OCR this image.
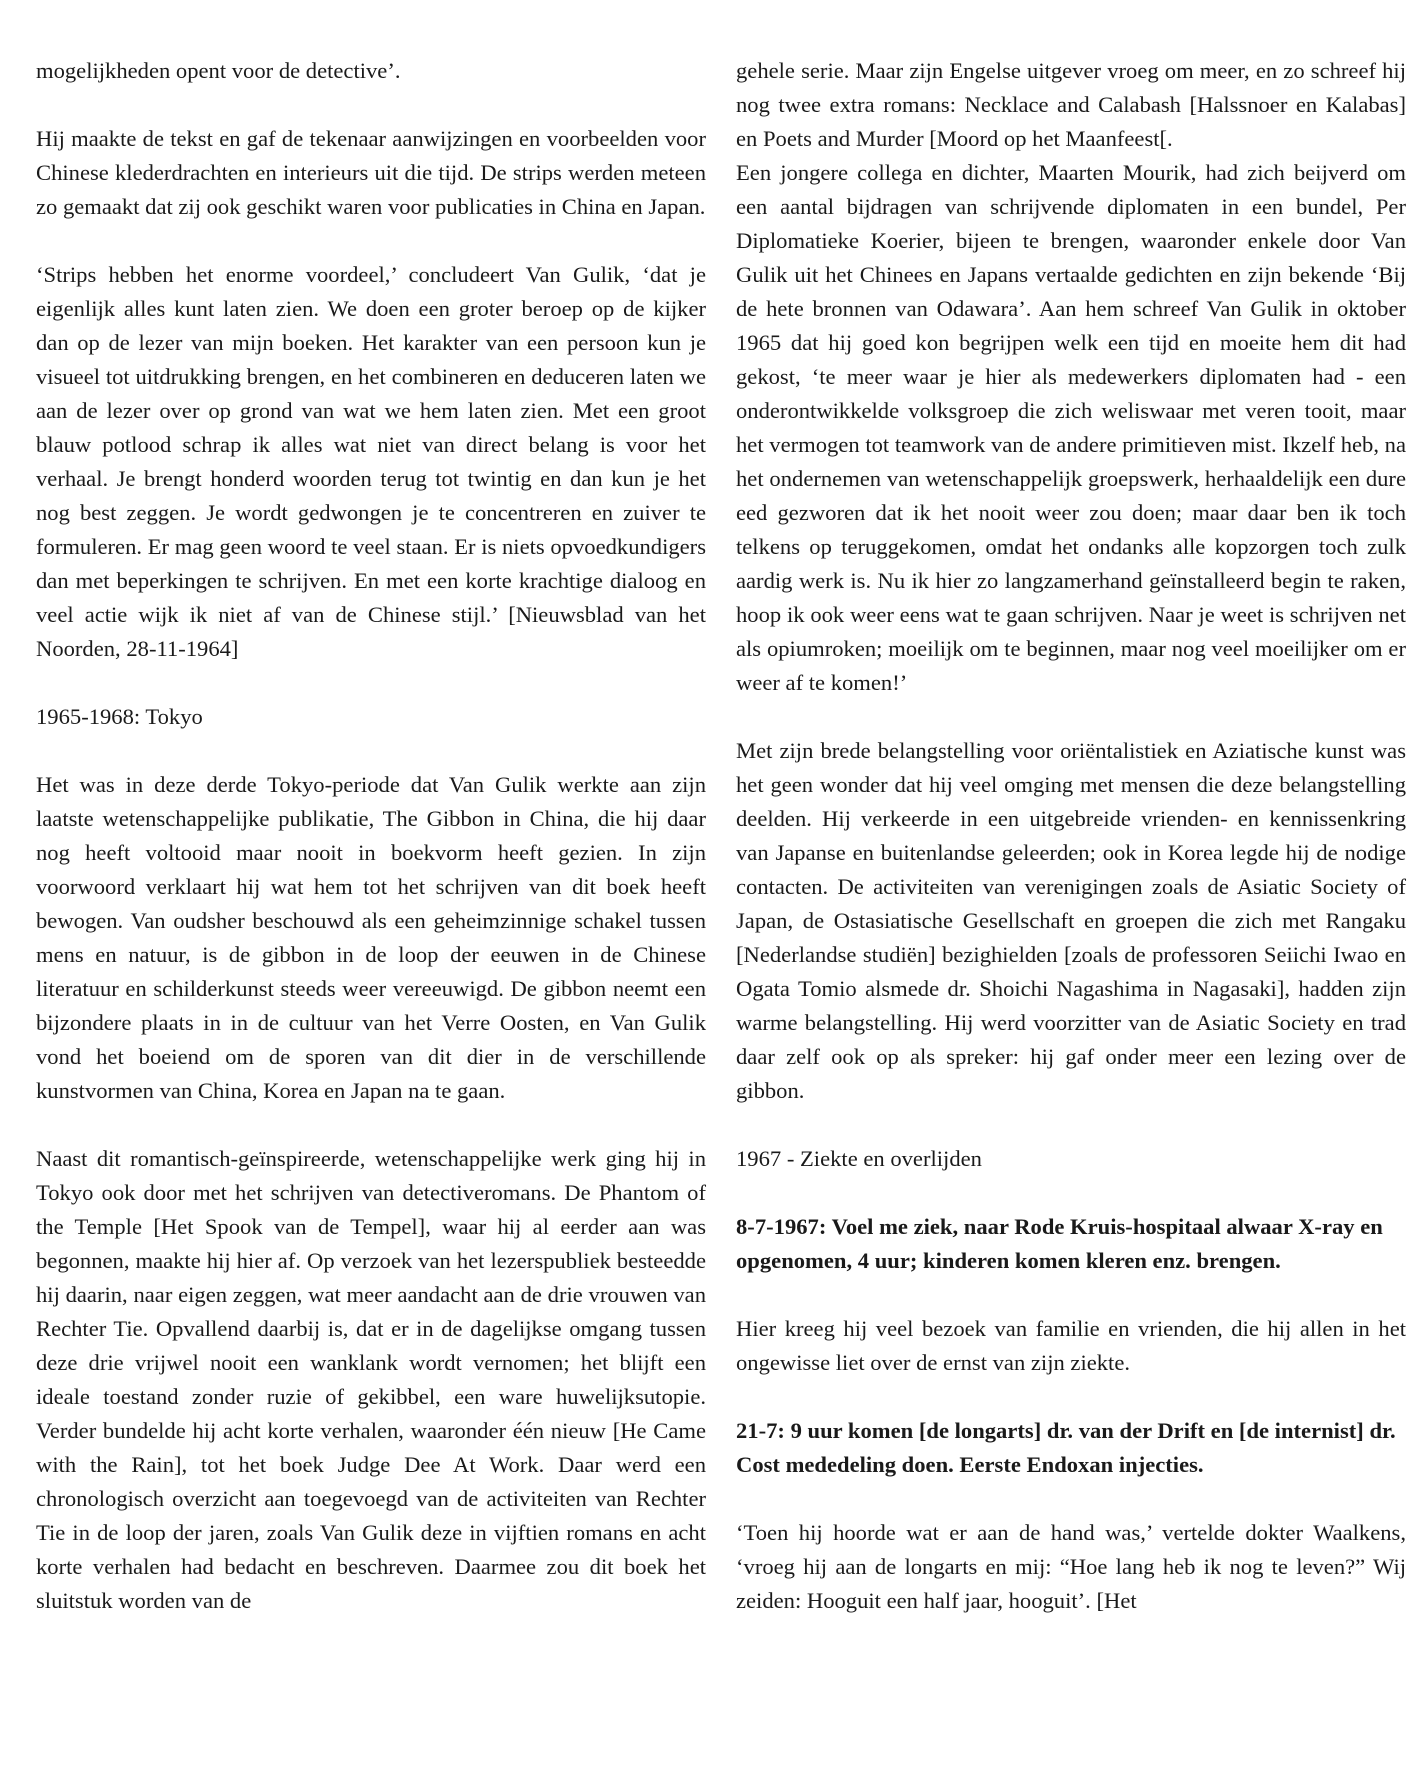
mogelijkheden opent voor de detective’.

Hij maakte de tekst en gaf de tekenaar aanwijzingen en voorbeelden voor Chinese klederdrachten en interieurs uit die tijd. De strips werden meteen zo gemaakt dat zij ook geschikt waren voor publicaties in China en Japan.

‘Strips hebben het enorme voordeel,’ concludeert Van Gulik, ‘dat je eigenlijk alles kunt laten zien. We doen een groter beroep op de kijker dan op de lezer van mijn boeken. Het karakter van een persoon kun je visueel tot uitdrukking brengen, en het combineren en deduceren laten we aan de lezer over op grond van wat we hem laten zien. Met een groot blauw potlood schrap ik alles wat niet van direct belang is voor het verhaal. Je brengt honderd woorden terug tot twintig en dan kun je het nog best zeggen. Je wordt gedwongen je te concentreren en zuiver te formuleren. Er mag geen woord te veel staan. Er is niets opvoedkundigers dan met beperkingen te schrijven. En met een korte krachtige dialoog en veel actie wijk ik niet af van de Chinese stijl.’ [Nieuwsblad van het Noorden, 28-11-1964]

1965-1968: Tokyo

Het was in deze derde Tokyo-periode dat Van Gulik werkte aan zijn laatste wetenschappelijke publikatie, The Gibbon in China, die hij daar nog heeft voltooid maar nooit in boekvorm heeft gezien. In zijn voorwoord verklaart hij wat hem tot het schrijven van dit boek heeft bewogen. Van oudsher beschouwd als een geheimzinnige schakel tussen mens en natuur, is de gibbon in de loop der eeuwen in de Chinese literatuur en schilderkunst steeds weer vereeuwigd. De gibbon neemt een bijzondere plaats in in de cultuur van het Verre Oosten, en Van Gulik vond het boeiend om de sporen van dit dier in de verschillende kunstvormen van China, Korea en Japan na te gaan.

Naast dit romantisch-geïnspireerde, wetenschappelijke werk ging hij in Tokyo ook door met het schrijven van detectiveromans. De Phantom of the Temple [Het Spook van de Tempel], waar hij al eerder aan was begonnen, maakte hij hier af. Op verzoek van het lezerspubliek besteedde hij daarin, naar eigen zeggen, wat meer aandacht aan de drie vrouwen van Rechter Tie. Opvallend daarbij is, dat er in de dagelijkse omgang tussen deze drie vrijwel nooit een wanklank wordt vernomen; het blijft een ideale toestand zonder ruzie of gekibbel, een ware huwelijksutopie. Verder bundelde hij acht korte verhalen, waaronder één nieuw [He Came with the Rain], tot het boek Judge Dee At Work. Daar werd een chronologisch overzicht aan toegevoegd van de activiteiten van Rechter Tie in de loop der jaren, zoals Van Gulik deze in vijftien romans en acht korte verhalen had bedacht en beschreven. Daarmee zou dit boek het sluitstuk worden van de

gehele serie. Maar zijn Engelse uitgever vroeg om meer, en zo schreef hij nog twee extra romans: Necklace and Calabash [Halssnoer en Kalabas] en Poets and Murder [Moord op het Maanfeest[.

Een jongere collega en dichter, Maarten Mourik, had zich beijverd om een aantal bijdragen van schrijvende diplomaten in een bundel, Per Diplomatieke Koerier, bijeen te brengen, waaronder enkele door Van Gulik uit het Chinees en Japans vertaalde gedichten en zijn bekende ‘Bij de hete bronnen van Odawara’. Aan hem schreef Van Gulik in oktober 1965 dat hij goed kon begrijpen welk een tijd en moeite hem dit had gekost, ‘te meer waar je hier als medewerkers diplomaten had - een onderontwikkelde volksgroep die zich weliswaar met veren tooit, maar het vermogen tot teamwork van de andere primitieven mist. Ikzelf heb, na het ondernemen van wetenschappelijk groepswerk, herhaaldelijk een dure eed gezworen dat ik het nooit weer zou doen; maar daar ben ik toch telkens op teruggekomen, omdat het ondanks alle kopzorgen toch zulk aardig werk is. Nu ik hier zo langzamerhand geïnstalleerd begin te raken, hoop ik ook weer eens wat te gaan schrijven. Naar je weet is schrijven net als opiumroken; moeilijk om te beginnen, maar nog veel moeilijker om er weer af te komen!’

Met zijn brede belangstelling voor oriëntalistiek en Aziatische kunst was het geen wonder dat hij veel omging met mensen die deze belangstelling deelden. Hij verkeerde in een uitgebreide vrienden- en kennissenkring van Japanse en buitenlandse geleerden; ook in Korea legde hij de nodige contacten. De activiteiten van verenigingen zoals de Asiatic Society of Japan, de Ostasiatische Gesellschaft en groepen die zich met Rangaku [Nederlandse studiën] bezighielden [zoals de professoren Seiichi Iwao en Ogata Tomio alsmede dr. Shoichi Nagashima in Nagasaki], hadden zijn warme belangstelling. Hij werd voorzitter van de Asiatic Society en trad daar zelf ook op als spreker: hij gaf onder meer een lezing over de gibbon.

1967 - Ziekte en overlijden

8-7-1967: Voel me ziek, naar Rode Kruis-hospitaal alwaar X-ray en opgenomen, 4 uur; kinderen komen kleren enz. brengen.

Hier kreeg hij veel bezoek van familie en vrienden, die hij allen in het ongewisse liet over de ernst van zijn ziekte.

21-7: 9 uur komen [de longarts] dr. van der Drift en [de internist] dr. Cost mededeling doen. Eerste Endoxan injecties.

‘Toen hij hoorde wat er aan de hand was,’ vertelde dokter Waalkens, ‘vroeg hij aan de longarts en mij: “Hoe lang heb ik nog te leven?” Wij zeiden: Hooguit een half jaar, hooguit’. [Het
